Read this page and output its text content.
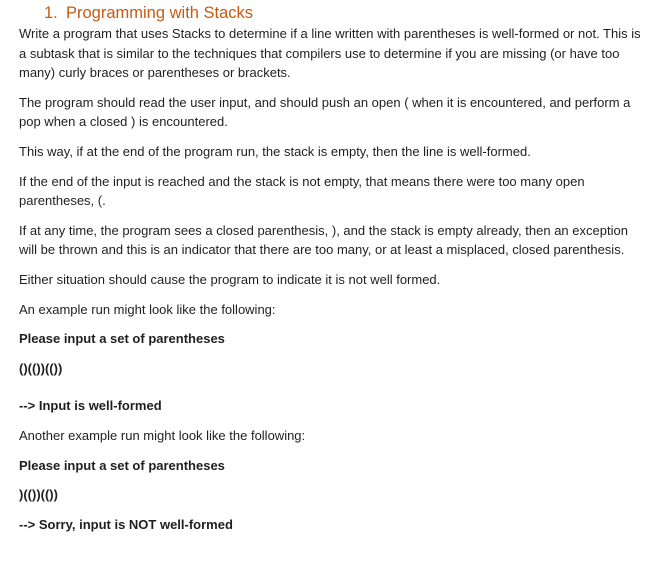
1. Programming with Stacks

Write a program that uses Stacks to determine if a line written with parentheses is well-formed or not. This is a subtask that is similar to the techniques that compilers use to determine if you are missing (or have too many) curly braces or parentheses or brackets.

The program should read the user input, and should push an open ( when it is encountered, and perform a pop when a closed ) is encountered.

This way, if at the end of the program run, the stack is empty, then the line is well-formed.

If the end of the input is reached and the stack is not empty, that means there were too many open parentheses, (.

If at any time, the program sees a closed parenthesis, ), and the stack is empty already, then an exception will be thrown and this is an indicator that there are too many, or at least a misplaced, closed parenthesis.

Either situation should cause the program to indicate it is not well formed.

An example run might look like the following:

Please input a set of parentheses

()(())(())

--> Input is well-formed

Another example run might look like the following:

Please input a set of parentheses

)(())(())

--> Sorry, input is NOT well-formed
